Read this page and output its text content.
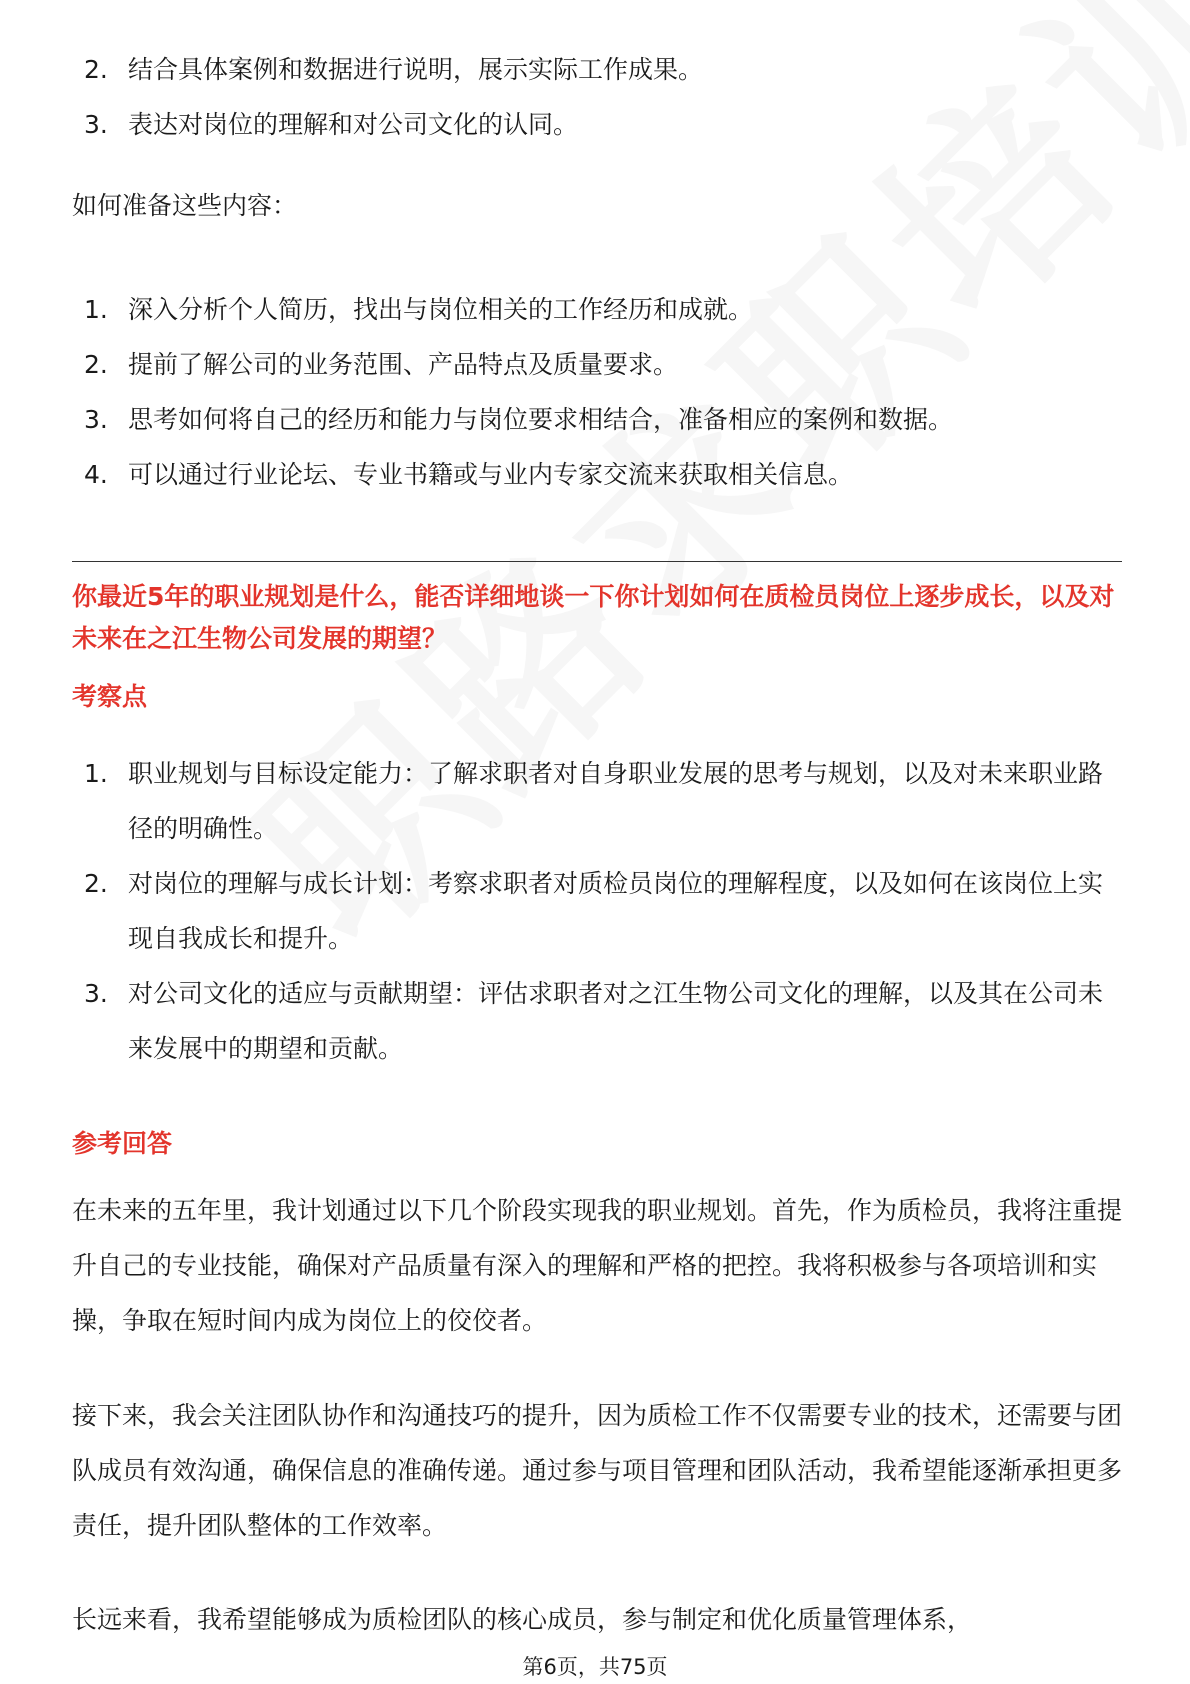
2. 结合具体案例和数据进行说明，展示实际工作成果。
3. 表达对岗位的理解和对公司文化的认同。

如何准备这些内容：

1. 深入分析个人简历，找出与岗位相关的工作经历和成就。
2. 提前了解公司的业务范围、产品特点及质量要求。
3. 思考如何将自己的经历和能力与岗位要求相结合，准备相应的案例和数据。
4. 可以通过行业论坛、专业书籍或与业内专家交流来获取相关信息。

你最近5年的职业规划是什么，能否详细地谈一下你计划如何在质检员岗位上逐步成长，以及对未来在之江生物公司发展的期望？

考察点

1. 职业规划与目标设定能力：了解求职者对自身职业发展的思考与规划，以及对未来职业路径的明确性。
2. 对岗位的理解与成长计划：考察求职者对质检员岗位的理解程度，以及如何在该岗位上实现自我成长和提升。
3. 对公司文化的适应与贡献期望：评估求职者对之江生物公司文化的理解，以及其在公司未来发展中的期望和贡献。

参考回答

在未来的五年里，我计划通过以下几个阶段实现我的职业规划。首先，作为质检员，我将注重提升自己的专业技能，确保对产品质量有深入的理解和严格的把控。我将积极参与各项培训和实操，争取在短时间内成为岗位上的佼佼者。

接下来，我会关注团队协作和沟通技巧的提升，因为质检工作不仅需要专业的技术，还需要与团队成员有效沟通，确保信息的准确传递。通过参与项目管理和团队活动，我希望能逐渐承担更多责任，提升团队整体的工作效率。

长远来看，我希望能够成为质检团队的核心成员，参与制定和优化质量管理体系，

第6页，共75页
